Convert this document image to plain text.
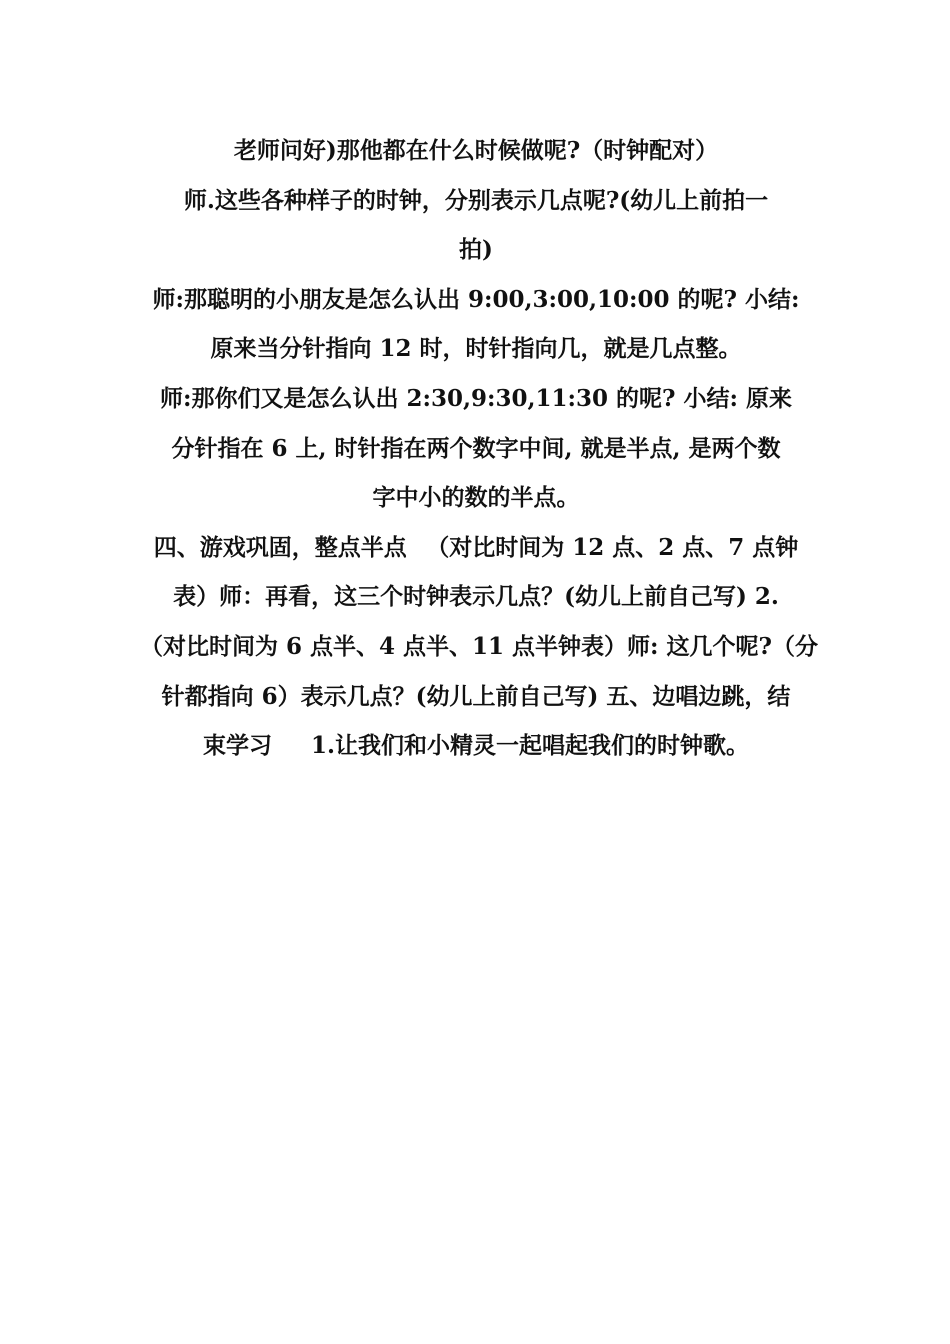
老师问好)那他都在什么时候做呢?（时钟配对）
师.这些各种样子的时钟，分别表示几点呢?(幼儿上前拍一
拍)
师:那聪明的小朋友是怎么认出 9:00,3:00,10:00 的呢? 小结:
原来当分针指向 12 时，时针指向几，就是几点整。
师:那你们又是怎么认出 2:30,9:30,11:30 的呢? 小结: 原来
分针指在 6 上, 时针指在两个数字中间, 就是半点, 是两个数
字中小的数的半点。
四、游戏巩固，整点半点 　（对比时间为 12 点、2 点、7 点钟
表）师：再看，这三个时钟表示几点？(幼儿上前自己写) 2.
（对比时间为 6 点半、4 点半、11 点半钟表）师: 这几个呢?（分
针都指向 6）表示几点？(幼儿上前自己写) 五、边唱边跳，结
束学习 　 1.让我们和小精灵一起唱起我们的时钟歌。
